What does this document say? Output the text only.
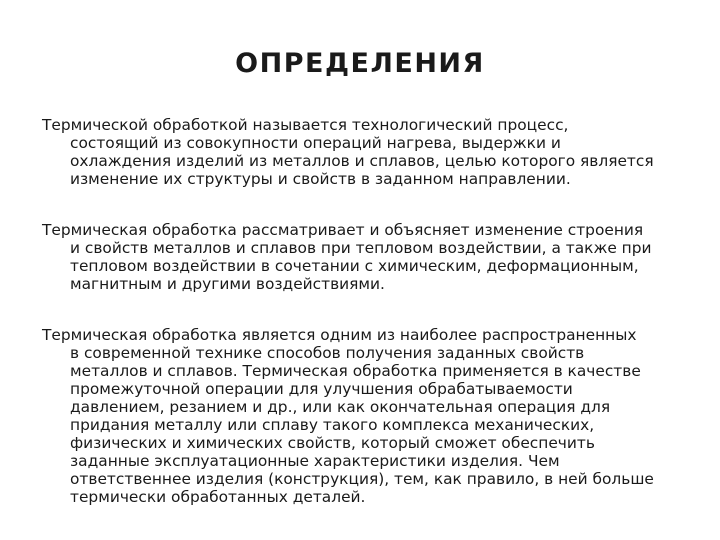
ОПРЕДЕЛЕНИЯ
Термической обработкой называется технологический процесс,
состоящий из совокупности операций нагрева, выдержки и
охлаждения изделий из металлов и сплавов, целью которого является
изменение их структуры и свойств в заданном направлении.
Термическая обработка рассматривает и объясняет изменение строения
и свойств металлов и сплавов при тепловом воздействии, а также при
тепловом воздействии в сочетании с химическим, деформационным,
магнитным и другими воздействиями.
Термическая обработка является одним из наиболее распространенных
в современной технике способов получения заданных свойств
металлов и сплавов. Термическая обработка применяется в качестве
промежуточной операции для улучшения обрабатываемости
давлением, резанием и др., или как окончательная операция для
придания металлу или сплаву такого комплекса механических,
физических и химических свойств, который сможет обеспечить
заданные эксплуатационные характеристики изделия. Чем
ответственнее изделия (конструкция), тем, как правило, в ней больше
термически обработанных деталей.
